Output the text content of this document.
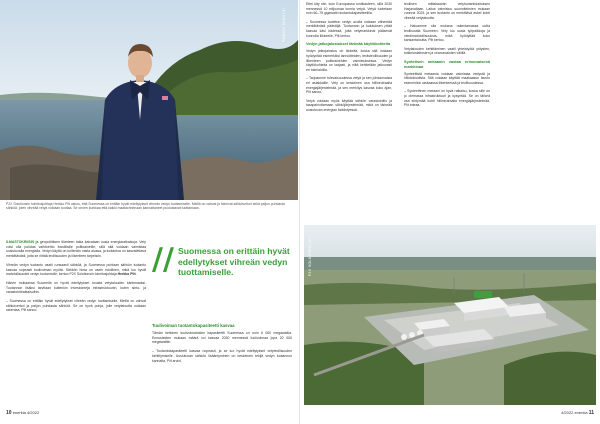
SAMULI SKANTSI
P2X Solutionsin toimitusjohtaja Herkko Plit uskoo, että Suomessa on erittäin hyvät edellytykset vihreän vedyn tuottamiselle. Meillä on vahvat ja toimivat sähköverkot sekä paljon puhdasta sähköä, joten vihreää vetyä voidaan tuottaa. Se onnen kurkkaa että kaikki maatachnenaan kannattaneet puolustavat tuottamaan.

ILMASTOKRIISIN ja geopoliittisen tilanteen takia kaivataan uusia energiaratkaisuja. Vety voisi olla puhdas vaihtoehto fossiilisille polttoaineille, sillä sitä voidaan valmistaa uusiutuvalla energialla. Vedyn käyttö on kuitenkin vasta alussa, ja tuotantoa on kasvatettava merkittävästi, jotta se riittää teollisuuden ja liikenteen tarpeisiin.

Vihreän vedyn tuotanto vaatii runsaasti sähköä, ja Suomessa puhtaan sähkön tuotanto kasvaa nopeasti tuulivoiman myötä. Sähkön hinta on usein edullinen, mikä luo hyvät mahdollisuudet vedyn tuotannolle, kertoo P2X Solutionsin toimitusjohtaja Herkko Plit.

Hänen mukaansa Suomella on hyvät edellytykset nousta vetytalouden kärkimaaksi. Tuotannon lisäksi tarvitaan kuitenkin investointeja infrastruktuuriin, kuten siirto- ja varastointiratkaisuihin.

– Suomessa on erittäin hyvät edellytykset vihreän vedyn tuottamiselle. Meillä on vahvat sähköverkot ja paljon puhdasta sähköä. Se on hyvä pohja, jolle vetytaloutta voidaan rakentaa, Plit sanoo.

// Suomessa on erittäin hyvät edellytykset vihreän vedyn tuottamiselle.
Tuulivoiman tuotantokapasiteetti kasvaa

Tämän hetkinen tuulivoimaloiden kapasiteetti Suomessa on noin 6 000 megawattia. Ennusteiden mukaan määrä voi kasvaa 2030 mennessä tuulivoimaa jopa 20 000 megawattiin.

– Tuotantokapasiteetti kasvaa nopeasti, ja se luo hyvät edellytykset vetyteollisuuden kehittymiselle. Uusiutuvan sähkön lisääntyminen on keskeinen tekijä vedyn tuotannon kannalta, Plit arvioi.

10 enerkia 4/2022

Ettei käy niin, kuin Euroopassa tuntikauteen, sillä 2030 mennessä 10 miljoonaa tonnia vetyä. Vetyä tuotetaan noin 60–75 gigawatin tuotantokapasiteetilla.

– Suomessa tuotetun vedyn avulla voidaan vähentää merkittävästi päästöjä. Tuotannon ja kulutuksen pitää kasvaa käsi kädessä, jotta vetymarkkinat pääsevät kunnolla liikkeelle, Plit kertoo.

Vedyn jatkojalostukset tärkeää käyttökohteita

Vedyn jatkojalostus on tärkeää, koska sitä voidaan hyödyntää esimerkiksi lannoitteiden, terästeollisuuden ja liikenteen polttoaineiden valmistuksessa. Vedyn käyttökohteita on laajasti, ja niitä kehitetään jatkuvasti eri toimialoilla.

– Tarjoamme tulevaisuudessa vetyä ja sen johdannaisia eri asiakkaille. Vety on keskeinen osa hiilineutraalia energiajärjestelmää, ja sen merkitys kasvaa koko ajan, Plit sanoo.

Vetyä voidaan myös käyttää sähkön varastointiin ja tasapainottamaan sähköjärjestelmää, mikä on tärkeää uusiutuvan energian lisääntyessä.

teollisen mittakaavan vetytuotantolaitoksen Harjavaltaan. Laitos valmistuu suunnitelmien mukaan vuonna 2025, ja sen tuotanto on merkittävä askel kohti vihreää vetytaloutta.

– Haluamme olla mukana rakentamassa uutta teollisuutta Suomeen. Vety luo uusia työpaikkoja ja vientimahdollisuuksia, mikä hyödyttää koko kansantaloutta, Plit kertoo.

Vetytalouden kehittäminen vaatii yhteistyötä yritysten, tutkimuslaitosten ja viranomaisten välillä.

Syntetisen metaanin vastaa erinomaisesti markkinaa

Synteettistä metaania voidaan valmistaa vedystä ja hiilidioksidista. Sitä voidaan käyttää maakaasun tavoin esimerkiksi raskaassa liikenteessä ja teollisuudessa.

– Synteettinen metaani on hyvä ratkaisu, koska sille on jo olemassa infrastruktuuri ja kysyntää. Se on tärkeä osa siirtymää kohti hiilineutraalia energiajärjestelmää, Plit toteaa.

P2X SOLUTIONS OY
4/2022 enerkia 11
